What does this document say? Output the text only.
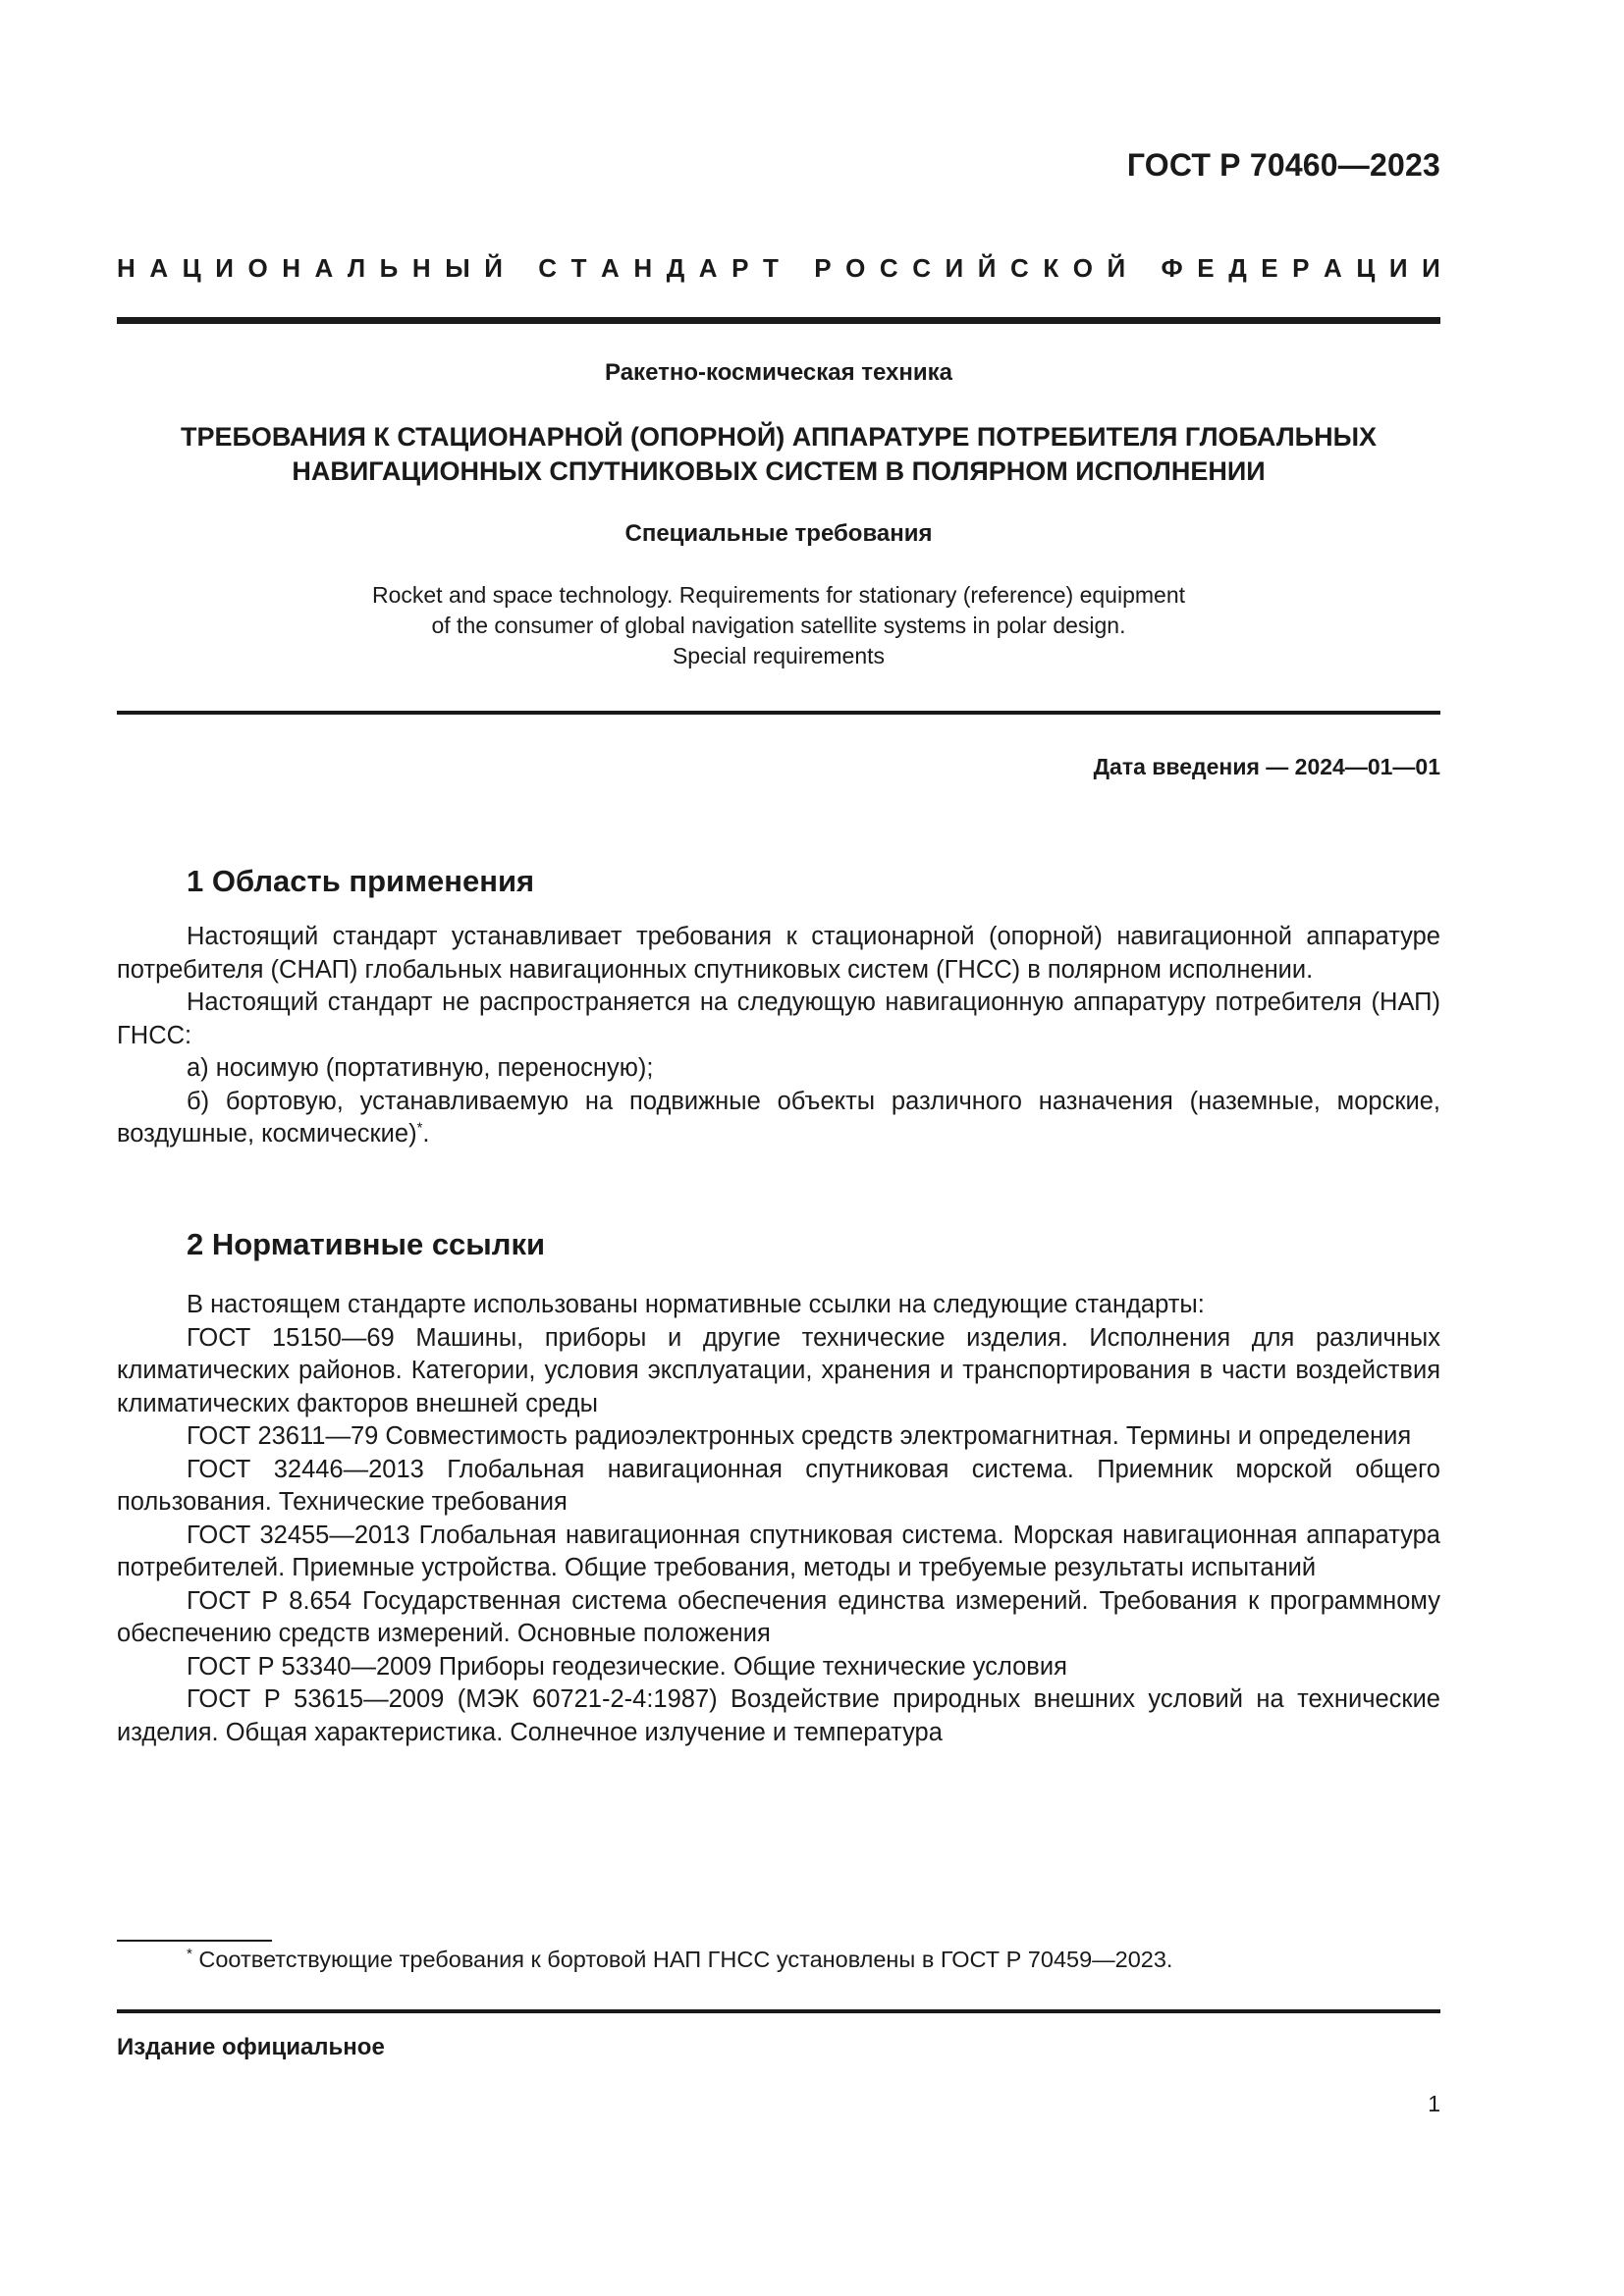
ГОСТ Р 70460—2023
Н А Ц И О Н А Л Ь Н Ы Й
С Т А Н Д А Р Т
Р О С С И Й С К О Й
Ф Е Д Е Р А Ц И И
Ракетно-космическая техника
ТРЕБОВАНИЯ К СТАЦИОНАРНОЙ (ОПОРНОЙ) АППАРАТУРЕ ПОТРЕБИТЕЛЯ ГЛОБАЛЬНЫХ
НАВИГАЦИОННЫХ СПУТНИКОВЫХ СИСТЕМ В ПОЛЯРНОМ ИСПОЛНЕНИИ
Специальные требования
Rocket and space technology. Requirements for stationary (reference) equipment
of the consumer of global navigation satellite systems in polar design.
Special requirements
Дата введения — 2024—01—01
1 Область применения

Настоящий стандарт устанавливает требования к стационарной (опорной) навигационной аппаратуре потребителя (СНАП) глобальных навигационных спутниковых систем (ГНСС) в полярном исполнении.

Настоящий стандарт не распространяется на следующую навигационную аппаратуру потребителя (НАП) ГНСС:

а) носимую (портативную, переносную);

б) бортовую, устанавливаемую на подвижные объекты различного назначения (наземные, морские, воздушные, космические)*.

2 Нормативные ссылки

В настоящем стандарте использованы нормативные ссылки на следующие стандарты:

ГОСТ 15150—69 Машины, приборы и другие технические изделия. Исполнения для различных климатических районов. Категории, условия эксплуатации, хранения и транспортирования в части воздействия климатических факторов внешней среды

ГОСТ 23611—79 Совместимость радиоэлектронных средств электромагнитная. Термины и определения

ГОСТ 32446—2013 Глобальная навигационная спутниковая система. Приемник морской общего пользования. Технические требования

ГОСТ 32455—2013 Глобальная навигационная спутниковая система. Морская навигационная аппаратура потребителей. Приемные устройства. Общие требования, методы и требуемые результаты испытаний

ГОСТ Р 8.654 Государственная система обеспечения единства измерений. Требования к программному обеспечению средств измерений. Основные положения

ГОСТ Р 53340—2009 Приборы геодезические. Общие технические условия

ГОСТ Р 53615—2009 (МЭК 60721-2-4:1987) Воздействие природных внешних условий на технические изделия. Общая характеристика. Солнечное излучение и температура

* Соответствующие требования к бортовой НАП ГНСС установлены в ГОСТ Р 70459—2023.
Издание официальное
1
